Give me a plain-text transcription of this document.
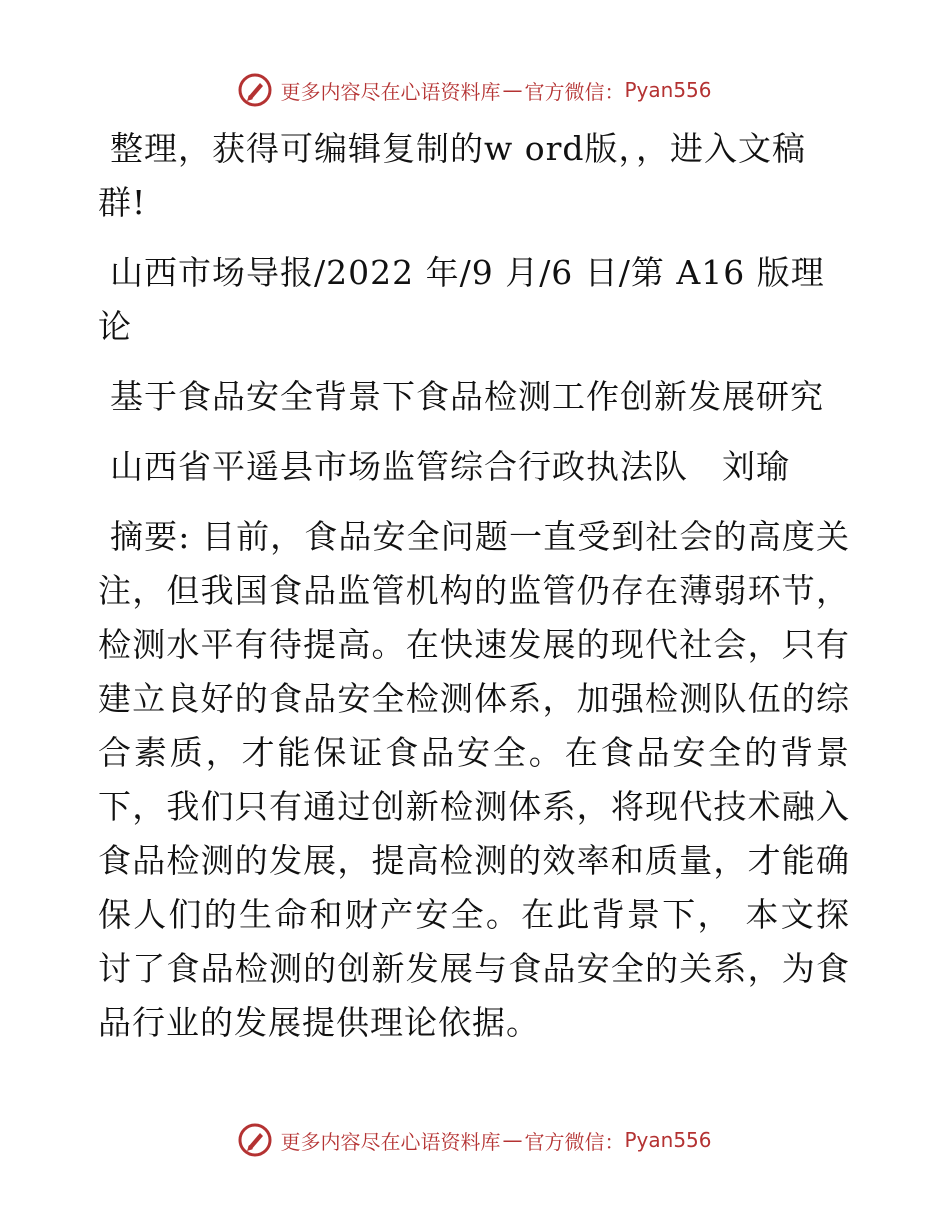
更多内容尽在心语资料库 — 官方微信： Pyan556

整理，获得可编辑复制的w ord版，，进入文稿群!

山西市场导报/2022 年/9 月/6 日/第 A16 版理论

基于食品安全背景下食品检测工作创新发展研究

山西省平遥县市场监管综合行政执法队　刘瑜

摘要: 目前，食品安全问题一直受到社会的高度关注，但我国食品监管机构的监管仍存在薄弱环节，检测水平有待提高。在快速发展的现代社会，只有建立良好的食品安全检测体系，加强检测队伍的综合素质，才能保证食品安全。在食品安全的背景下，我们只有通过创新检测体系，将现代技术融入食品检测的发展，提高检测的效率和质量，才能确保人们的生命和财产安全。在此背景下， 本文探讨了食品检测的创新发展与食品安全的关系，为食品行业的发展提供理论依据。

更多内容尽在心语资料库 — 官方微信： Pyan556
